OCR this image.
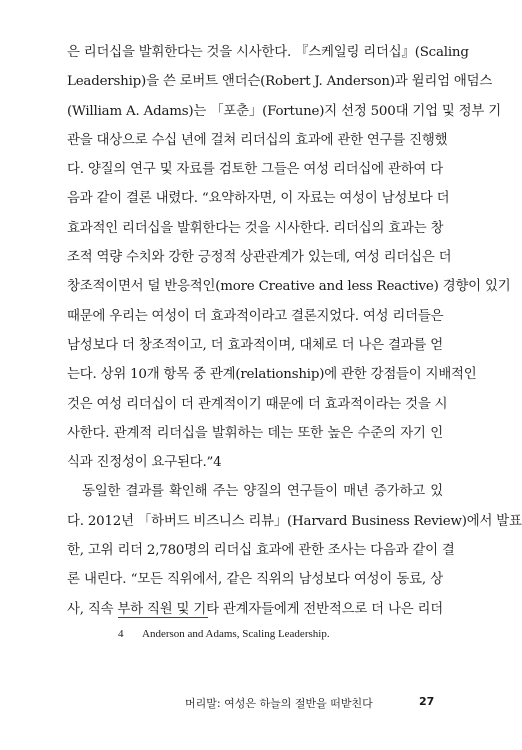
은 리더십을 발휘한다는 것을 시사한다. 『스케일링 리더십』(Scaling
Leadership)을 쓴 로버트 앤더슨(Robert J. Anderson)과 윌리엄 애덤스
(William A. Adams)는 「포춘」(Fortune)지 선정 500대 기업 및 정부 기
관을 대상으로 수십 년에 걸쳐 리더십의 효과에 관한 연구를 진행했
다. 양질의 연구 및 자료를 검토한 그들은 여성 리더십에 관하여 다
음과 같이 결론 내렸다. “요약하자면, 이 자료는 여성이 남성보다 더
효과적인 리더십을 발휘한다는 것을 시사한다. 리더십의 효과는 창
조적 역량 수치와 강한 긍정적 상관관계가 있는데, 여성 리더십은 더
창조적이면서 덜 반응적인(more Creative and less Reactive) 경향이 있기
때문에 우리는 여성이 더 효과적이라고 결론지었다. 여성 리더들은
남성보다 더 창조적이고, 더 효과적이며, 대체로 더 나은 결과를 얻
는다. 상위 10개 항목 중 관계(relationship)에 관한 강점들이 지배적인
것은 여성 리더십이 더 관계적이기 때문에 더 효과적이라는 것을 시
사한다. 관계적 리더십을 발휘하는 데는 또한 높은 수준의 자기 인
식과 진정성이 요구된다.”4
동일한 결과를 확인해 주는 양질의 연구들이 매년 증가하고 있
다. 2012년 「하버드 비즈니스 리뷰」(Harvard Business Review)에서 발표
한, 고위 리더 2,780명의 리더십 효과에 관한 조사는 다음과 같이 결
론 내린다. “모든 직위에서, 같은 직위의 남성보다 여성이 동료, 상
사, 직속 부하 직원 및 기타 관계자들에게 전반적으로 더 나은 리더
4 Anderson and Adams, Scaling Leadership.
머리말: 여성은 하늘의 절반을 떠받친다	27
